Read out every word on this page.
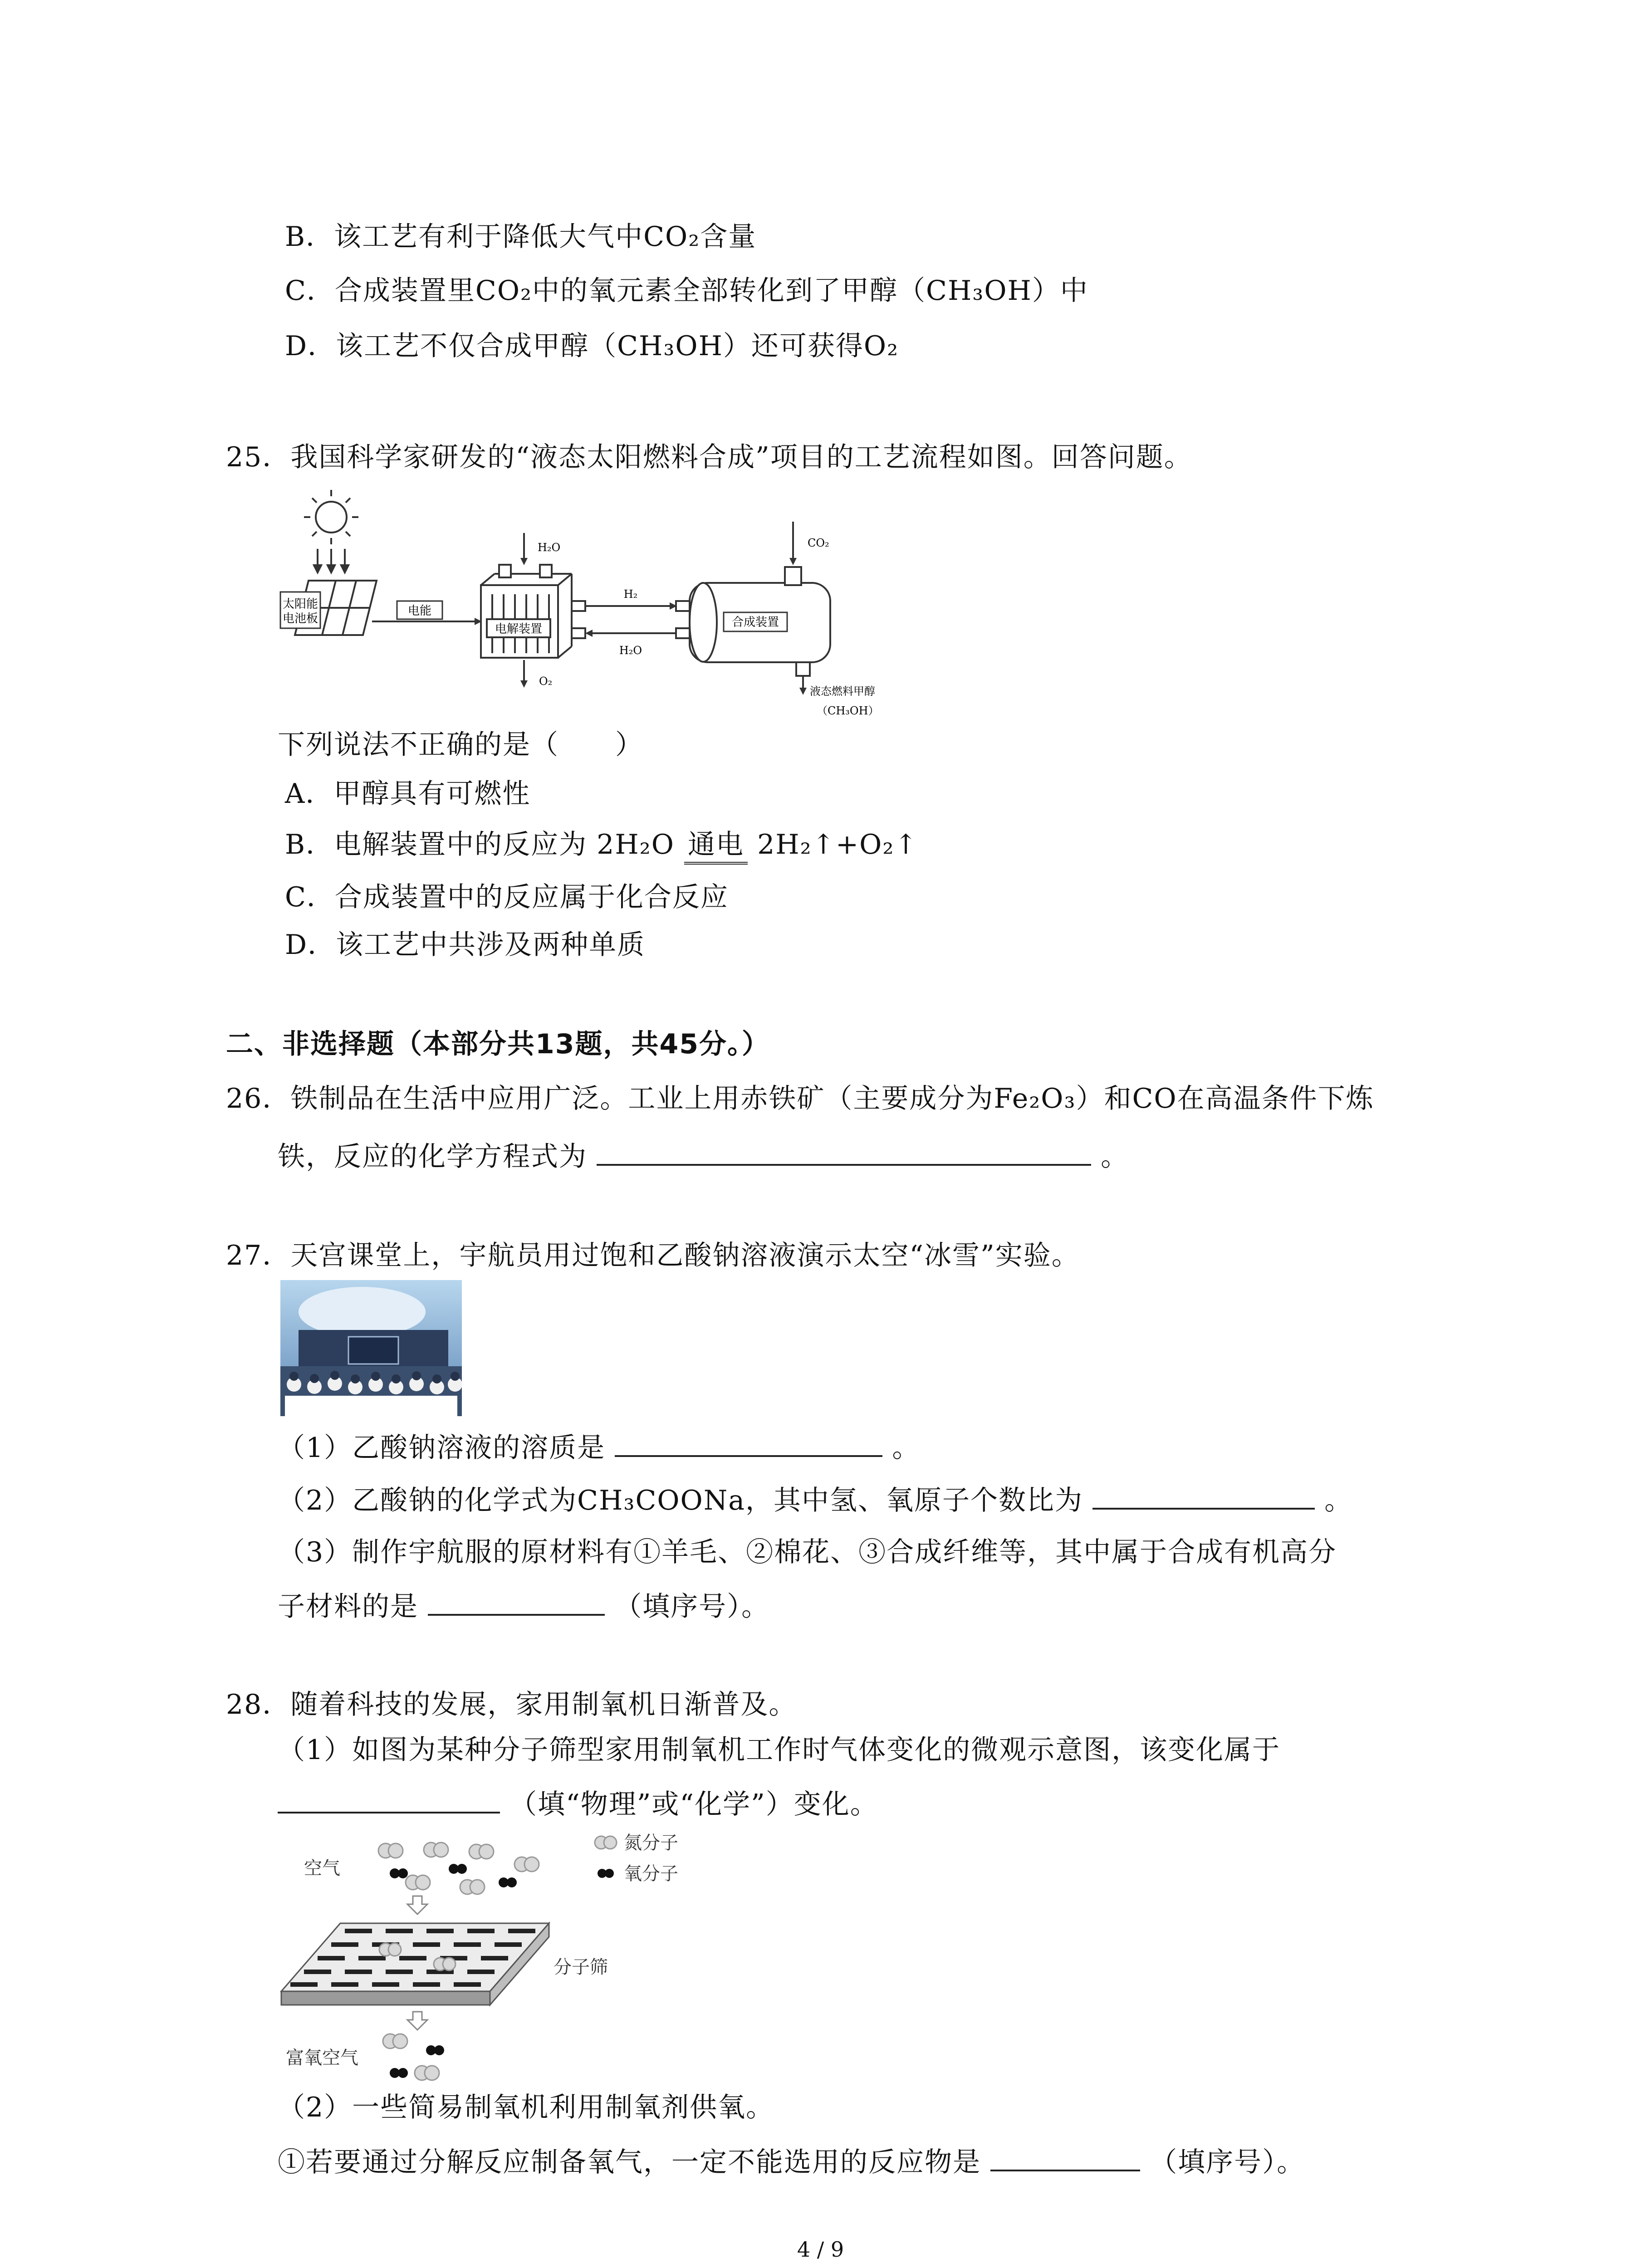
B．该工艺有利于降低大气中CO₂含量
C．合成装置里CO₂中的氧元素全部转化到了甲醇（CH₃OH）中
D．该工艺不仅合成甲醇（CH₃OH）还可获得O₂
25．我国科学家研发的“液态太阳燃料合成”项目的工艺流程如图。回答问题。
太阳能
电池板
电能
电解装置
H₂O
O₂
H₂
H₂O
合成装置
CO₂
液态燃料甲醇
（CH₃OH）
下列说法不正确的是（　　）
A．甲醇具有可燃性
B．电解装置中的反应为 2H₂O 通电 2H₂↑+O₂↑
C．合成装置中的反应属于化合反应
D．该工艺中共涉及两种单质
二、非选择题（本部分共13题，共45分。）
26．铁制品在生活中应用广泛。工业上用赤铁矿（主要成分为Fe₂O₃）和CO在高温条件下炼
铁，反应的化学方程式为	。
27．天宫课堂上，宇航员用过饱和乙酸钠溶液演示太空“冰雪”实验。
（1）乙酸钠溶液的溶质是	。
（2）乙酸钠的化学式为CH₃COONa，其中氢、氧原子个数比为	。
（3）制作宇航服的原材料有①羊毛、②棉花、③合成纤维等，其中属于合成有机高分
子材料的是	（填序号）。
28．随着科技的发展，家用制氧机日渐普及。
（1）如图为某种分子筛型家用制氧机工作时气体变化的微观示意图，该变化属于
（填“物理”或“化学”）变化。
空气
氮分子
氧分子
分子筛
富氧空气
（2）一些简易制氧机利用制氧剂供氧。
①若要通过分解反应制备氧气，一定不能选用的反应物是	（填序号）。
4 / 9
